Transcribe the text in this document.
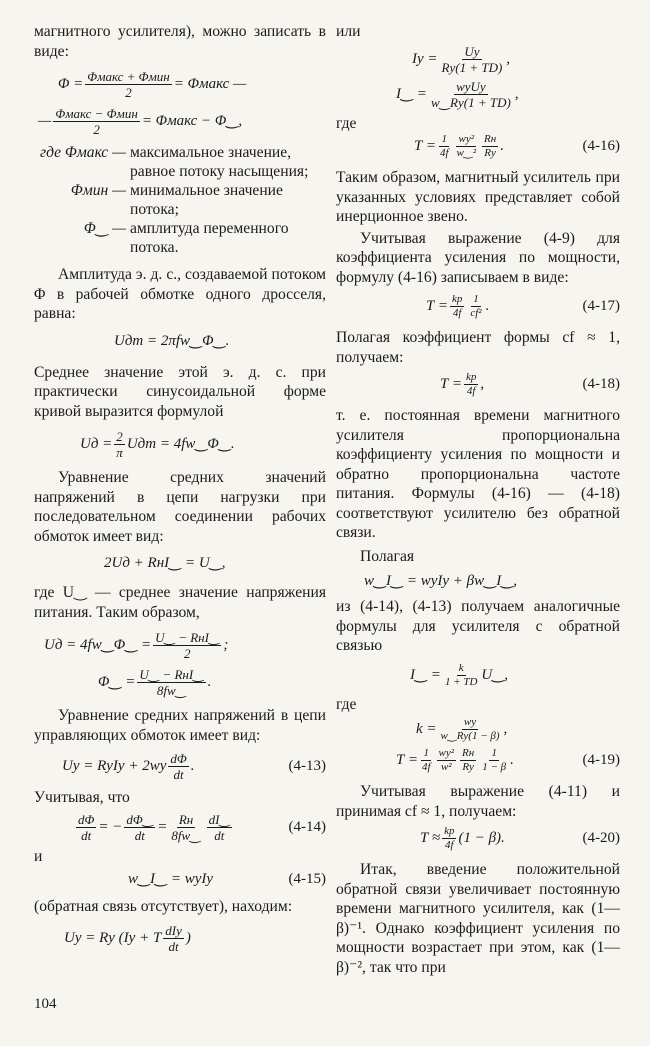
магнитного усилителя), можно записать в виде:

$\Phi = \frac{\text{Φмакс + Φмин}}{2}$ = Φмакс —
— $\frac{\text{Φмакс − Φмин}}{2}$ = Φмакс − Φ‿,
где Φмакс — максимальное значение, равное потоку насыщения;
Φмин — минимальное значение потока;
Φ‿ — амплитуда переменного потока.

Амплитуда э. д. с., создаваемой потоком Φ в рабочей обмотке одного дросселя, равна:

Uдт = 2πfw‿Φ‿.

Среднее значение этой э. д. с. при практически синусоидальной форме кривой выразится формулой

Uд = $\frac{2}{\pi}$ Uдт = 4fw‿Φ‿.

Уравнение средних значений напряжений в цепи нагрузки при последовательном соединении рабочих обмоток имеет вид:

2Uд + RнI‿ = U‿,

где U‿ — среднее значение напряжения питания. Таким образом,

Uд = 4fw‿Φ‿ = $\frac{\text{U‿ − RнI‿}}{2}$ ;
Φ‿ = $\frac{\text{U‿ − RнI‿}}{8fw‿}$ .

Уравнение средних напряжений в цепи управляющих обмоток имеет вид:

Uу = RуIу + $2wу \frac{d\Phi}{dt}$ .	(4-13)

Учитывая, что

$\frac{d\Phi}{dt}$ = − $\frac{d\Phi‿}{dt} = \frac{Rн}{8fw‿} \frac{dI‿}{dt}$	(4-14)

и

w‿I‿ = wуIу	(4-15)

(обратная связь отсутствует), находим:

Uу = Rу (Iу + T $\frac{\text{dIу}}{dt}$ )

или

Iу = $\frac{Uу}{Rу(1 + TD)}$ ,
I‿ = $\frac{\text{wуUу}}{w‿Rу(1 + TD)}$ ,

где

$T = \frac{1}{4f} \frac{\text{wу²}}{\text{w‿²}} \frac{Rн}{Rу}$ .	(4-16)

Таким образом, магнитный усилитель при указанных условиях представляет собой инерционное звено.

Учитывая выражение (4-9) для коэффициента усиления по мощности, формулу (4-16) записываем в виде:

$T = \frac{kр}{4f} \frac{1}{\text{cf²}}$ .	(4-17)

Полагая коэффициент формы cf ≈ 1, получаем:

$T = \frac{kр}{4f}$ ,	(4-18)

т. е. постоянная времени магнитного усилителя пропорциональна коэффициенту усиления по мощности и обратно пропорциональна частоте питания. Формулы (4-16) — (4-18) соответствуют усилителю без обратной связи.

Полагая

w‿I‿ = wуIу + βw‿I‿,

из (4-14), (4-13) получаем аналогичные формулы для усилителя с обратной связью

I‿ = $\frac{k}{1 + TD}$ U‿,

где

$k = \frac{wу}{w‿Rу(1 - \beta)}$ ,
$T = \frac{1}{4f} \frac{\text{wу²}}{\text{w²}} \frac{Rн}{Rу} \frac{1}{1 - \beta}$ .	(4-19)

Учитывая выражение (4-11) и принимая cf ≈ 1, получаем:

$T \approx \frac{kр}{4f} (1 - \beta)$.	(4-20)

Итак, введение положительной обратной связи увеличивает постоянную времени магнитного усилителя, как (1—β)⁻¹. Однако коэффициент усиления по мощности возрастает при этом, как (1—β)⁻², так что при

104
